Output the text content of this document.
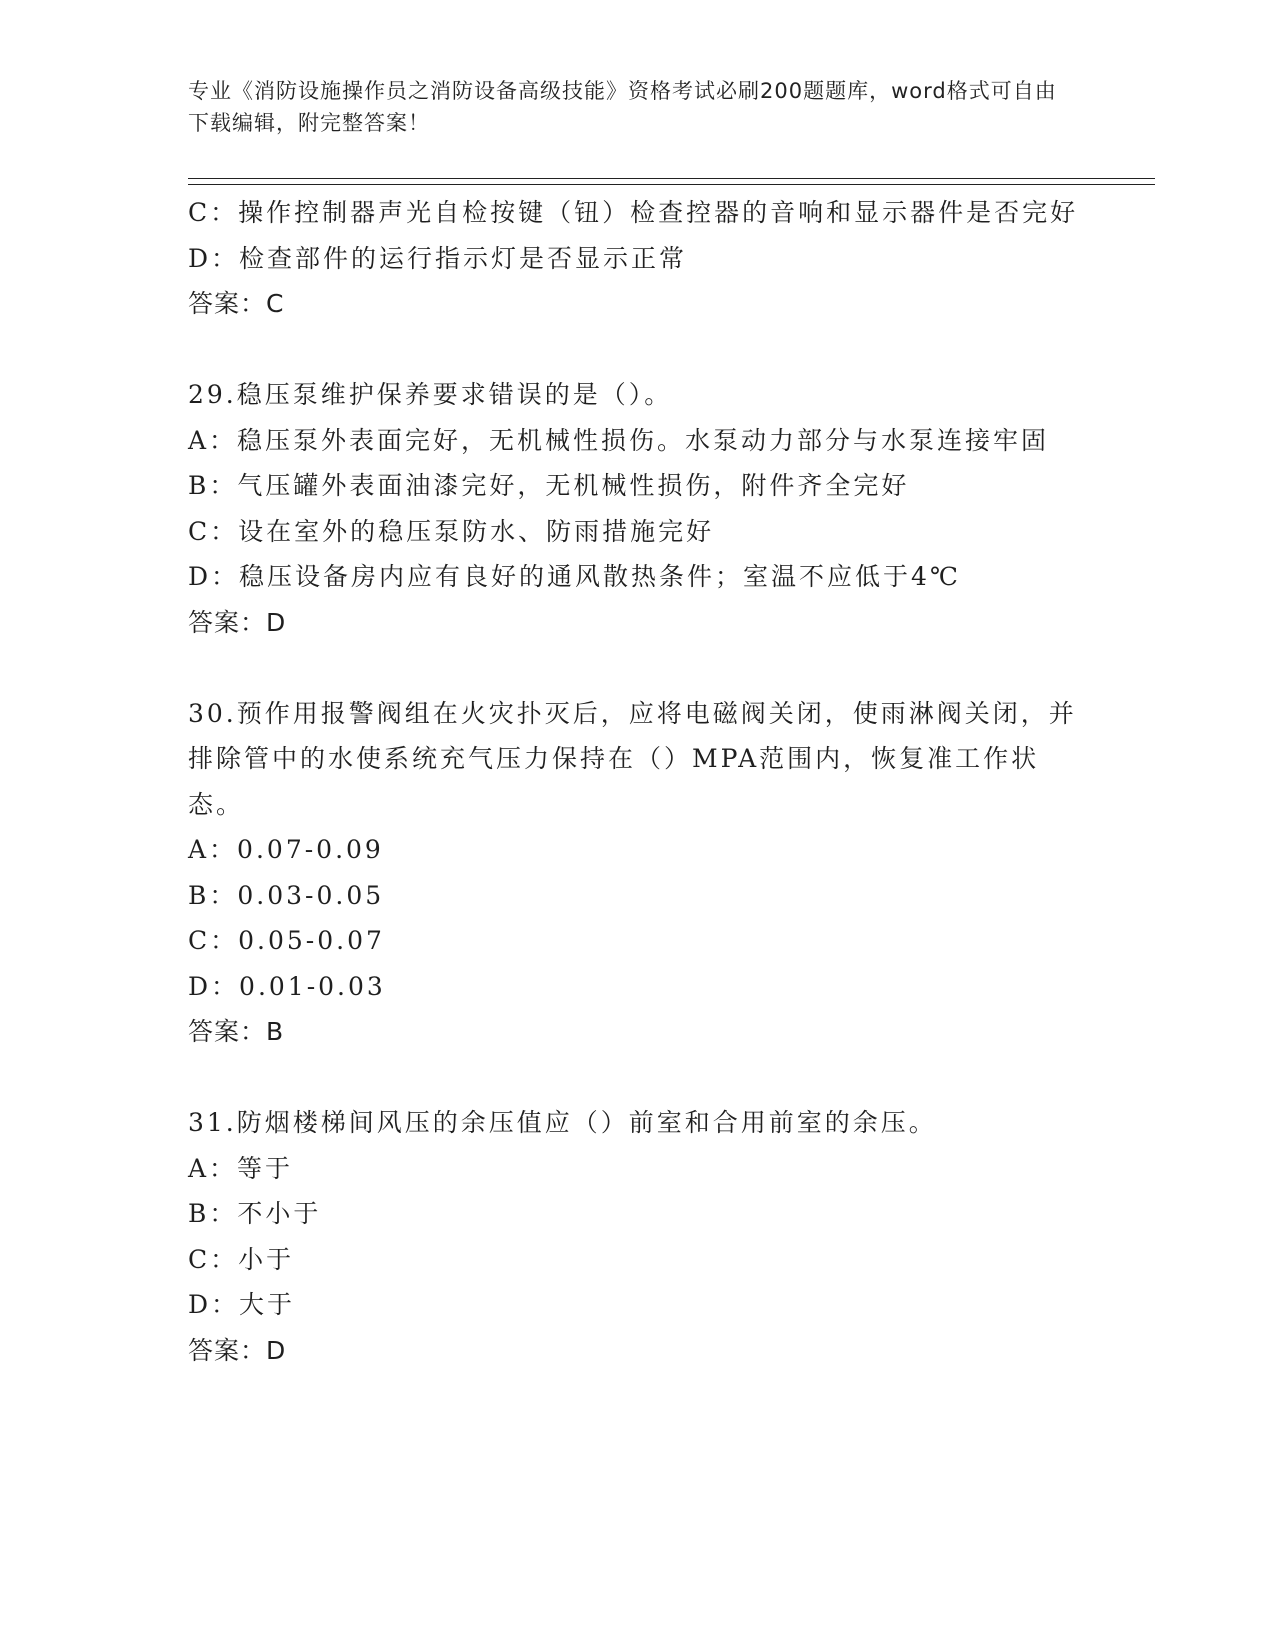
专业《消防设施操作员之消防设备高级技能》资格考试必刷200题题库，word格式可自由下载编辑，附完整答案！
C：操作控制器声光自检按键（钮）检查控器的音响和显示器件是否完好
D：检查部件的运行指示灯是否显示正常
答案：C
29.稳压泵维护保养要求错误的是（）。
A：稳压泵外表面完好，无机械性损伤。水泵动力部分与水泵连接牢固
B：气压罐外表面油漆完好，无机械性损伤，附件齐全完好
C：设在室外的稳压泵防水、防雨措施完好
D：稳压设备房内应有良好的通风散热条件；室温不应低于4℃
答案：D
30.预作用报警阀组在火灾扑灭后，应将电磁阀关闭，使雨淋阀关闭，并排除管中的水使系统充气压力保持在（）MPA范围内，恢复准工作状态。
A：0.07-0.09
B：0.03-0.05
C：0.05-0.07
D：0.01-0.03
答案：B
31.防烟楼梯间风压的余压值应（）前室和合用前室的余压。
A：等于
B：不小于
C：小于
D：大于
答案：D
